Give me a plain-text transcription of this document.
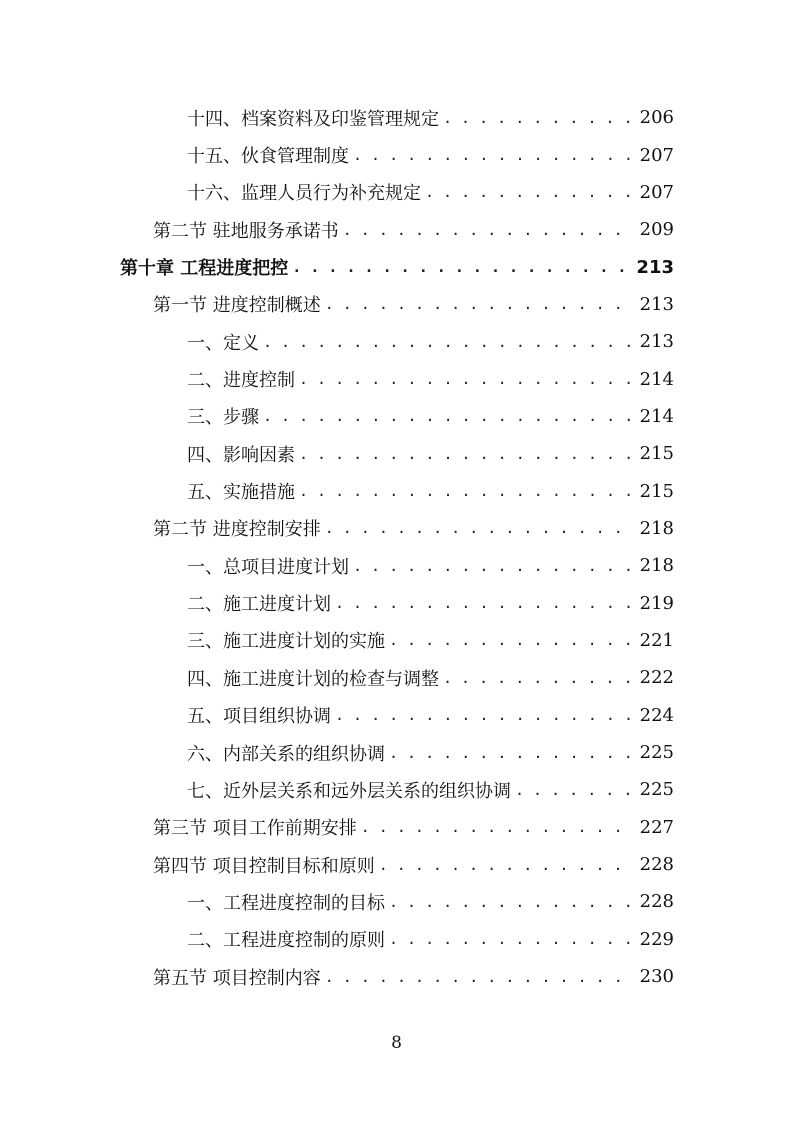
十四、档案资料及印鉴管理规定 . . .	206
十五、伙食管理制度 . . .	207
十六、监理人员行为补充规定 . . .	207
第二节 驻地服务承诺书 . . .	209
第十章 工程进度把控 . . .	213
第一节 进度控制概述 . . .	213
一、定义 . . .	213
二、进度控制 . . .	214
三、步骤 . . .	214
四、影响因素 . . .	215
五、实施措施 . . .	215
第二节 进度控制安排 . . .	218
一、总项目进度计划 . . .	218
二、施工进度计划 . . .	219
三、施工进度计划的实施 . . .	221
四、施工进度计划的检查与调整 . . .	222
五、项目组织协调 . . .	224
六、内部关系的组织协调 . . .	225
七、近外层关系和远外层关系的组织协调 . . .	225
第三节 项目工作前期安排 . . .	227
第四节 项目控制目标和原则 . . .	228
一、工程进度控制的目标 . . .	228
二、工程进度控制的原则 . . .	229
第五节 项目控制内容 . . .	230
8
